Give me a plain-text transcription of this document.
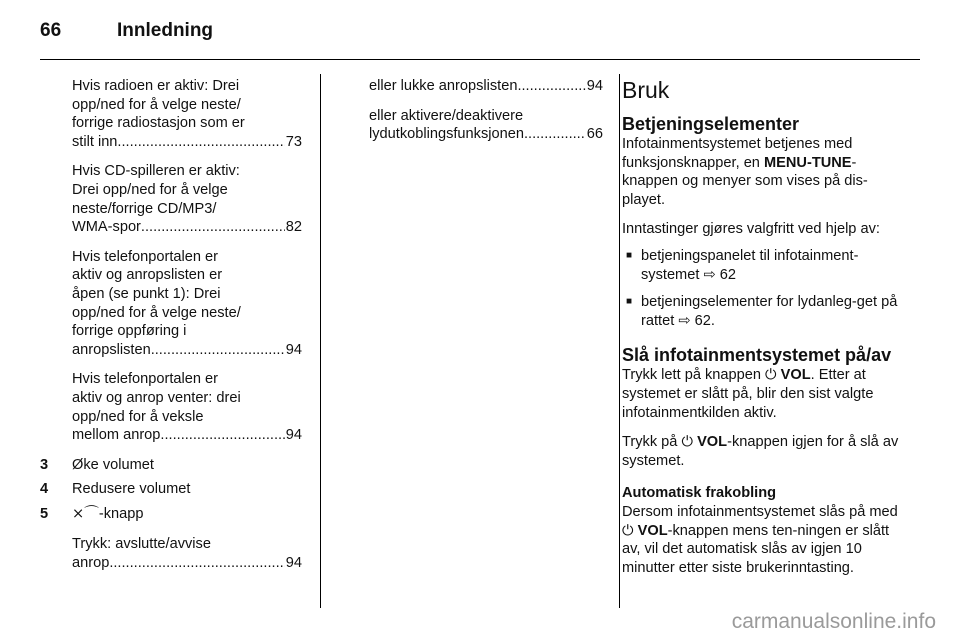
66	Innledning
Hvis radioen er aktiv: Drei
opp/ned for å velge neste/
forrige radiostasjon som er
stilt inn .....	73
Hvis CD-spilleren er aktiv:
Drei opp/ned for å velge
neste/forrige CD/MP3/
WMA-spor .....	82
Hvis telefonportalen er
aktiv og anropslisten er
åpen (se punkt 1): Drei
opp/ned for å velge neste/
forrige oppføring i
anropslisten .....	94
Hvis telefonportalen er
aktiv og anrop venter: drei
opp/ned for å veksle
mellom anrop .....	94
3	Øke volumet
4	Redusere volumet
5	⨯⌒-knapp
Trykk: avslutte/avvise
anrop .....	94
eller lukke anropslisten .....	94
eller aktivere/deaktivere
lydutkoblingsfunksjonen .....	66
Bruk
Betjeningselementer
Infotainmentsystemet betjenes med funksjonsknapper, en MENU-TUNE-knappen og menyer som vises på dis-playet.
Inntastinger gjøres valgfritt ved hjelp av:
■ betjeningspanelet til infotainment-systemet ⇨ 62
■ betjeningselementer for lydanleg-get på rattet ⇨ 62.
Slå infotainmentsystemet på/av
Trykk lett på knappen ⏻ VOL. Etter at systemet er slått på, blir den sist valgte infotainmentkilden aktiv.
Trykk på ⏻ VOL-knappen igjen for å slå av systemet.
Automatisk frakobling
Dersom infotainmentsystemet slås på med ⏻ VOL-knappen mens ten-ningen er slått av, vil det automatisk slås av igjen 10 minutter etter siste brukerinntasting.
carmanualsonline.info
